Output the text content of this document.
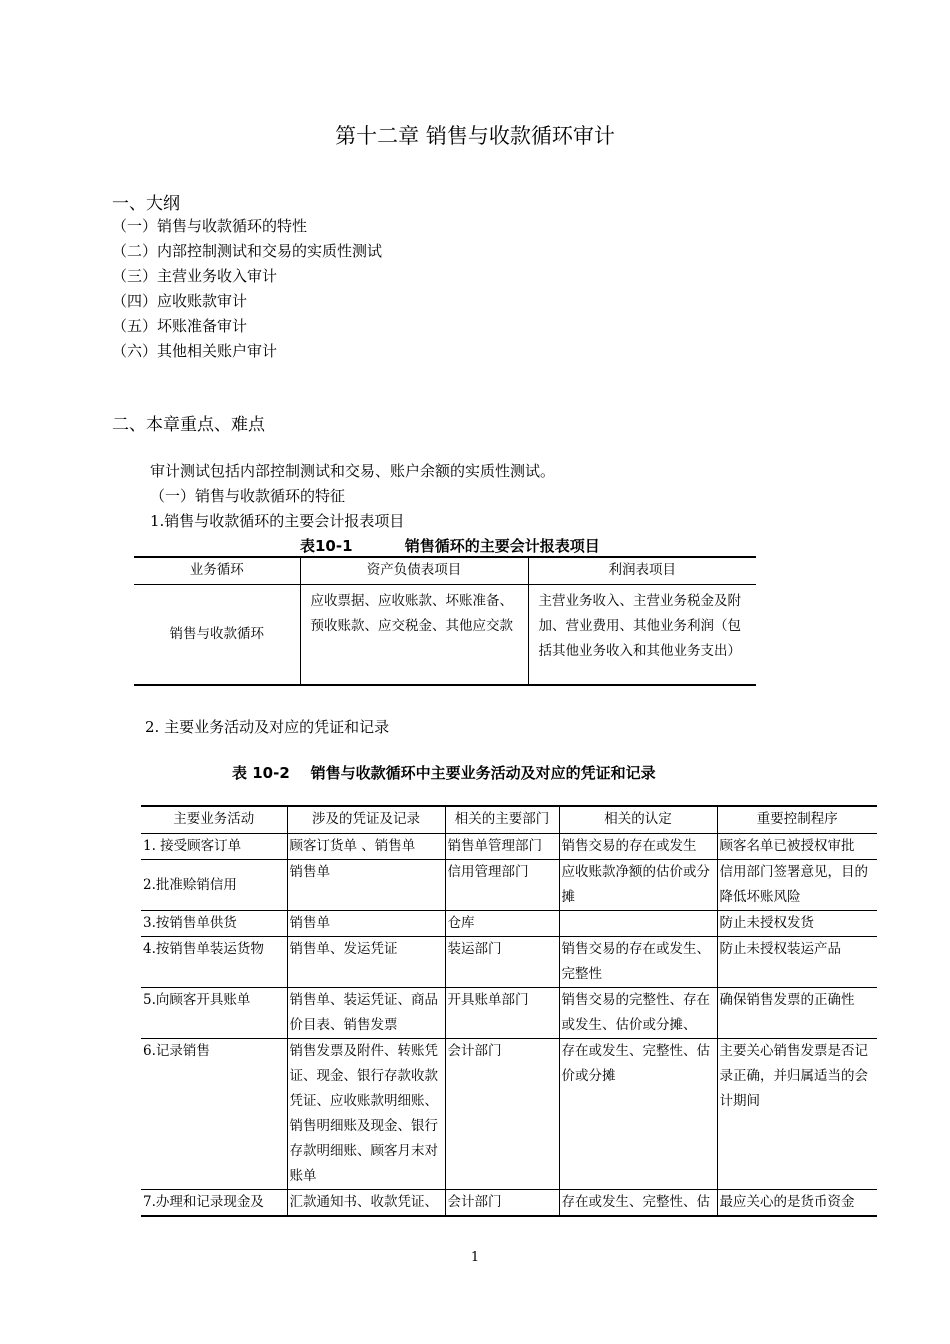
第十二章 销售与收款循环审计
一、大纲
（一）销售与收款循环的特性
（二）内部控制测试和交易的实质性测试
（三）主营业务收入审计
（四）应收账款审计
（五）坏账准备审计
（六）其他相关账户审计
二、本章重点、难点
审计测试包括内部控制测试和交易、账户余额的实质性测试。
（一）销售与收款循环的特征
1.销售与收款循环的主要会计报表项目
表10-1          销售循环的主要会计报表项目
业务循环	资产负债表项目	利润表项目
销售与收款循环	应收票据、应收账款、坏账准备、预收账款、应交税金、其他应交款	主营业务收入、主营业务税金及附加、营业费用、其他业务利润（包括其他业务收入和其他业务支出）
2. 主要业务活动及对应的凭证和记录
表 10-2    销售与收款循环中主要业务活动及对应的凭证和记录
主要业务活动	涉及的凭证及记录	相关的主要部门	相关的认定	重要控制程序
1. 接受顾客订单	顾客订货单 、销售单	销售单管理部门	销售交易的存在或发生	顾客名单已被授权审批
2.批准赊销信用	销售单	信用管理部门	应收账款净额的估价或分摊	信用部门签署意见，目的降低坏账风险
3.按销售单供货	销售单	仓库		防止未授权发货
4.按销售单装运货物	销售单、发运凭证	装运部门	销售交易的存在或发生、完整性	防止未授权装运产品
5.向顾客开具账单	销售单、装运凭证、商品价目表、销售发票	开具账单部门	销售交易的完整性、存在或发生、估价或分摊、	确保销售发票的正确性
6.记录销售	销售发票及附件、转账凭证、现金、银行存款收款凭证、应收账款明细账、销售明细账及现金、银行存款明细账、顾客月末对账单	会计部门	存在或发生、完整性、估价或分摊	主要关心销售发票是否记录正确，并归属适当的会计期间
7.办理和记录现金及	汇款通知书、收款凭证、	会计部门	存在或发生、完整性、估	最应关心的是货币资金
1
